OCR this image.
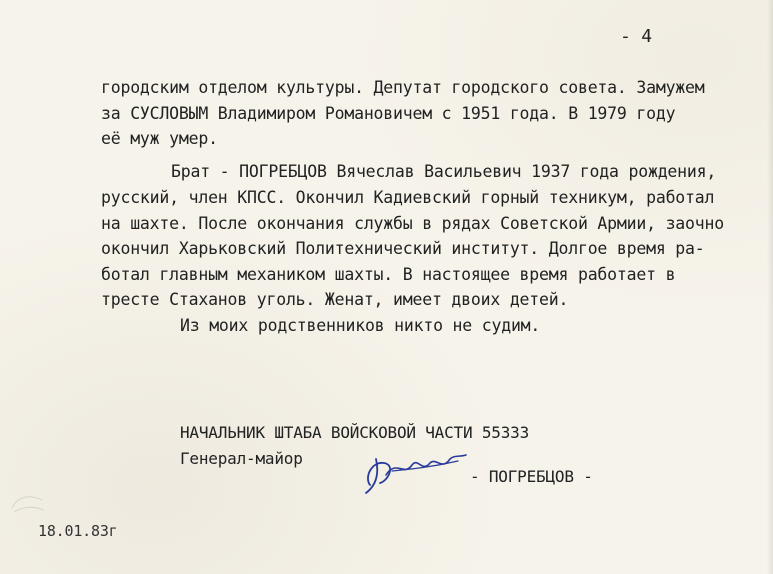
- 4
городским отделом культуры. Депутат городского совета. Замужем
за СУСЛОВЫМ Владимиром Романовичем с 1951 года. В 1979 году
её муж умер.
Брат - ПОГРЕБЦОВ Вячеслав Васильевич 1937 года рождения,
русский, член КПСС. Окончил Кадиевский горный техникум, работал
на шахте. После окончания службы в рядах Советской Армии, заочно
окончил Харьковский Политехнический институт. Долгое время ра-
ботал главным механиком шахты. В настоящее время работает в
тресте Стаханов уголь. Женат, имеет двоих детей.
Из моих родственников никто не судим.
НАЧАЛЬНИК ШТАБА ВОЙСКОВОЙ ЧАСТИ 55333
Генерал-майор
- ПОГРЕБЦОВ -
18.01.83г
